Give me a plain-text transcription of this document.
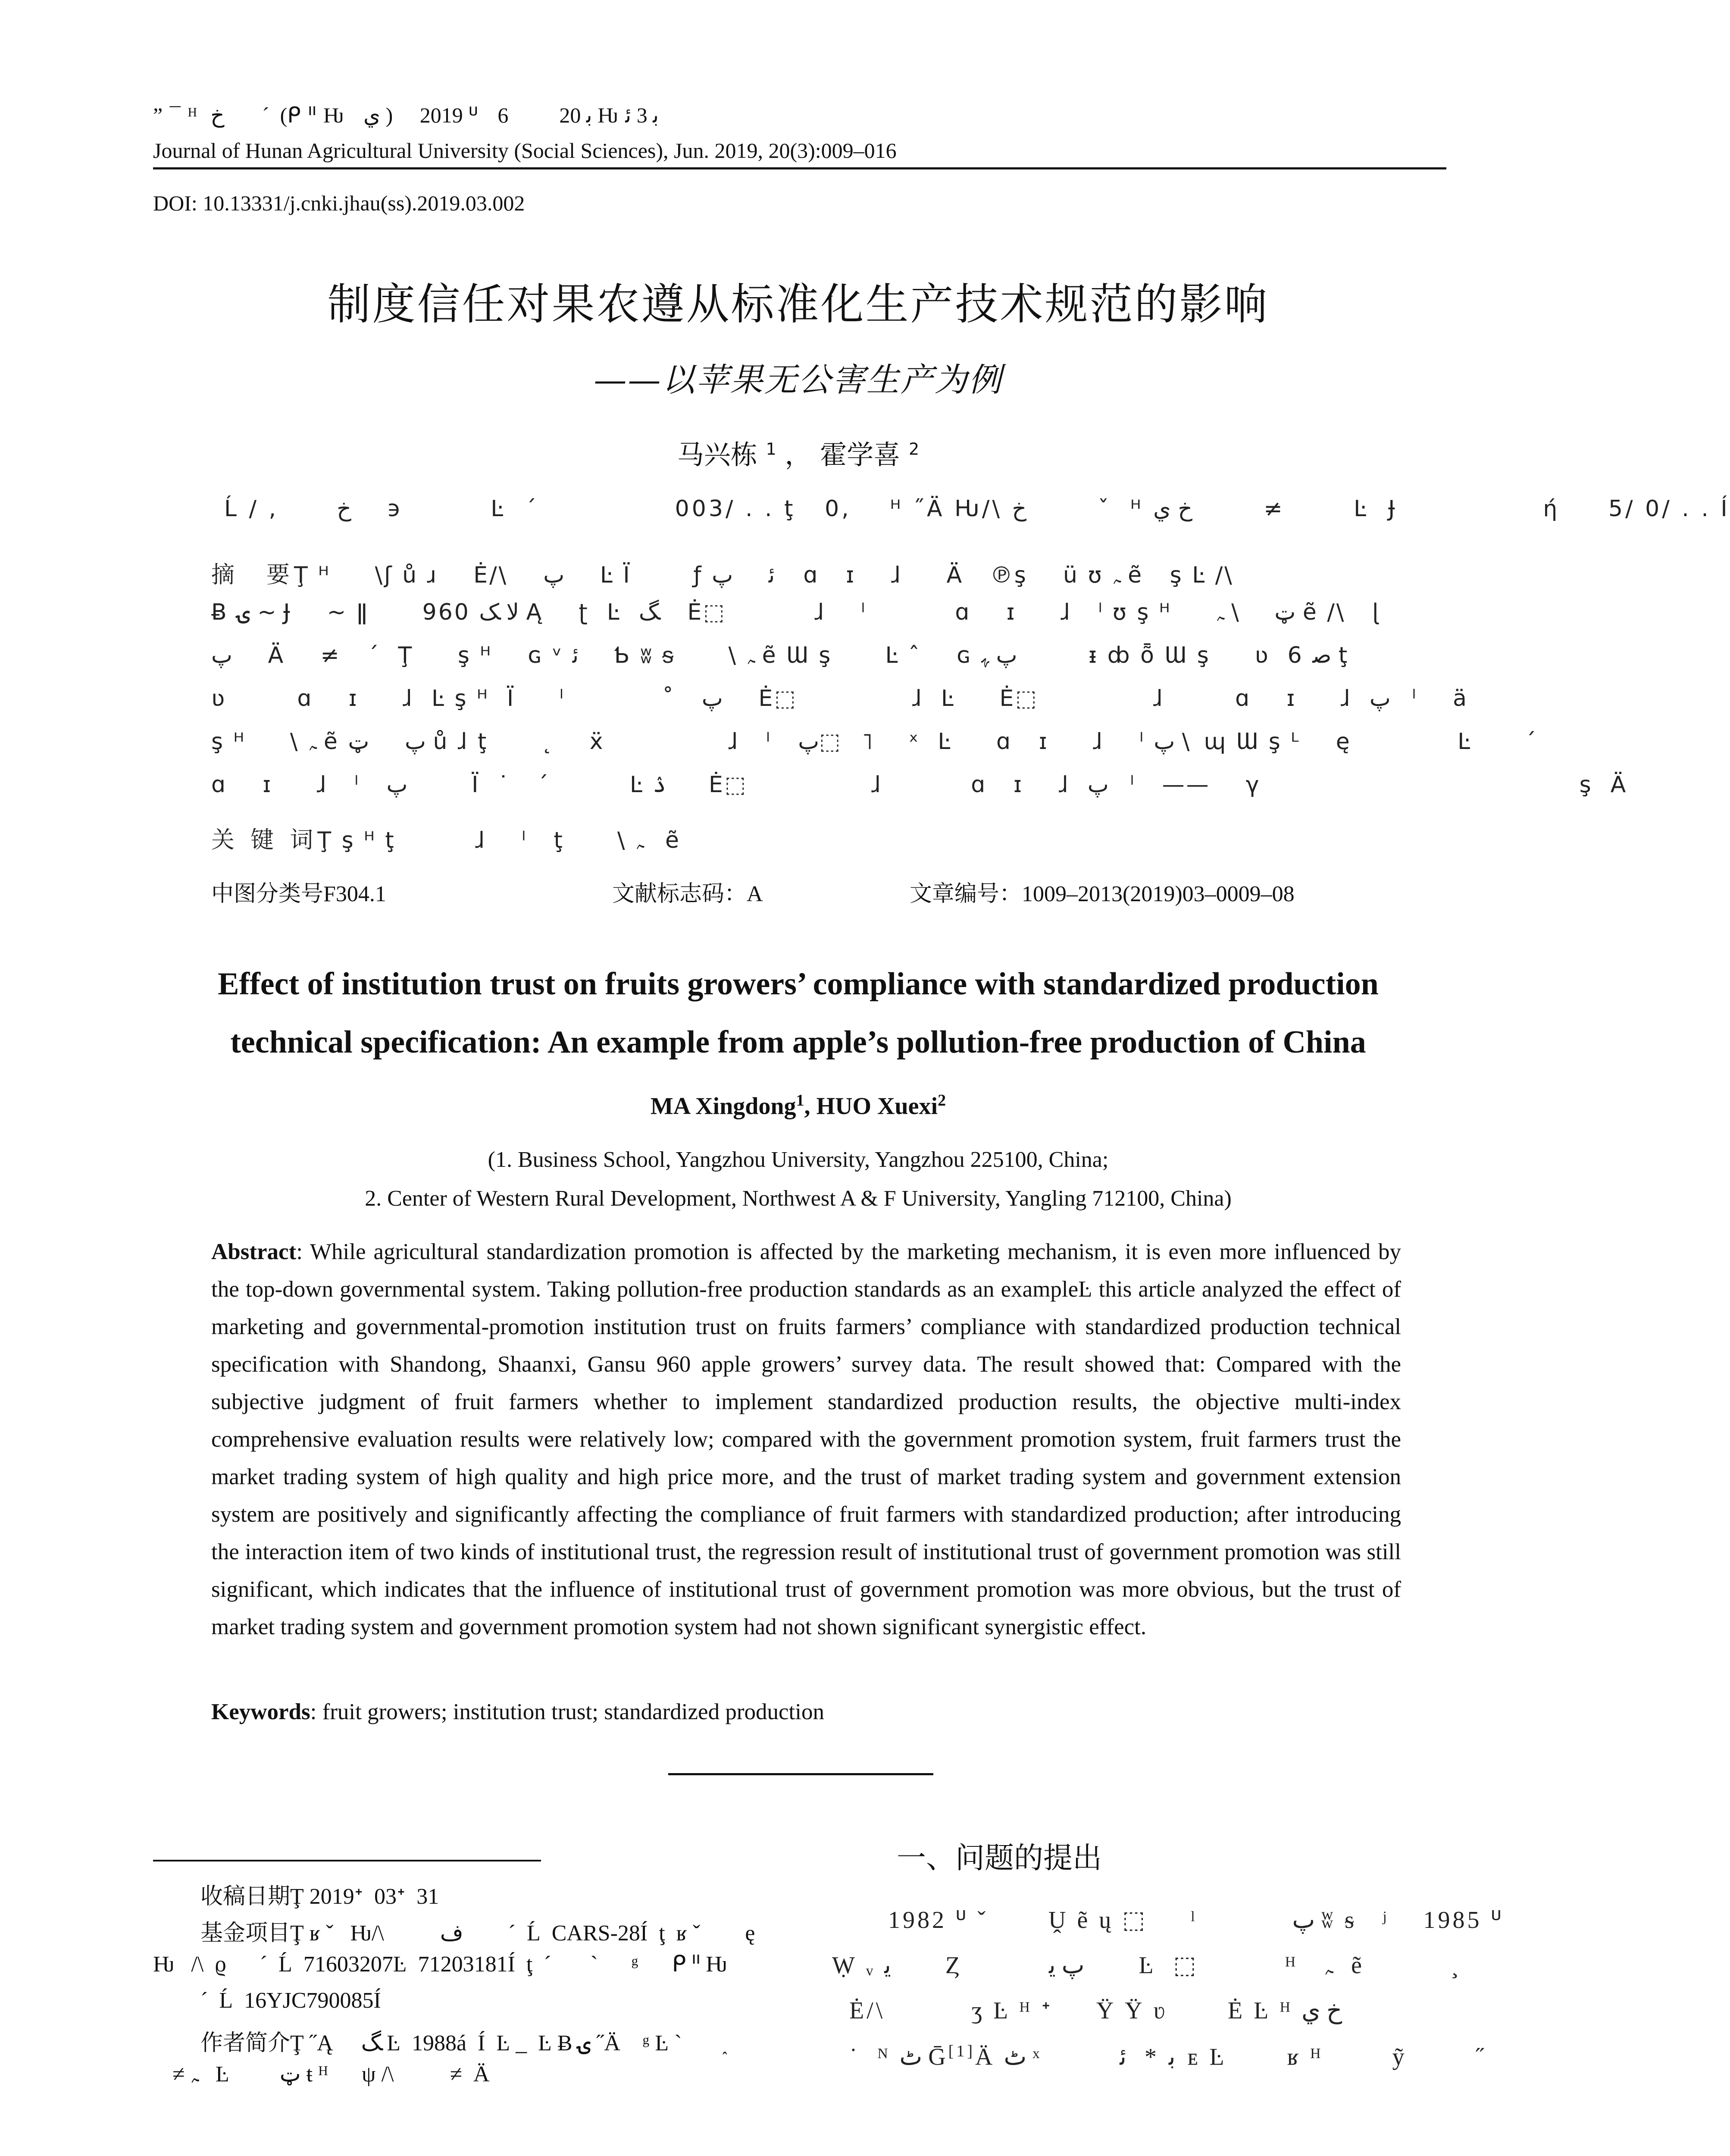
” ¯ ᴴ  ﺥ       ˊ  (ᑭ ᐦ Ƕ   ﻱ )     2019 ᓑ   6        ﺑ 20 Ƕ ﺑ 3 ﺋ
Journal of Hunan Agricultural University (Social Sciences), Jun. 2019, 20(3):009–016
DOI: 10.13331/j.cnki.jhau(ss).2019.03.002
制度信任对果农遵从标准化生产技术规范的影响
——以苹果无公害生产为例
马兴栋 $^1$ ， 霍学喜 $^2$
Ĺ / ,      ﺥ     ϶         Ŀ  ˊ              003/ . . ţ   0,    ᴴ ˝Ä Ƕ/\ ﺥ          ˇ   ᴴ ﺥ ﻱ          ≠          Ŀ  Ɉ               ή     5/ 0/ . . Í
摘　要Ţ ᴴ     \ʃ ů ɹ    Ė/\    ﭖ     Ŀ Ї       ƒ ﺋ     ﭖ    ɑ   ɪ    ɺ     Ä   ℗ş    ü ʊ ﮧ ẽ   ş Ŀ /\
Ƀ ۍ ~ Ɉ    ~ ǁ      960 ﻻ ﮏ Ą    ʈ  Ŀ  ﮓ    Ė⬚          ɺ    ˡ          ɑ    ɪ     ɺ   ˡ ʊ ş ᴴ     ټ     \ ﮧ ẽ /\   ɭ
ﭖ     Ä    ≠   ˊ  Ţ     ş ᴴ    ɢ ᵛ ﺋ     Ƅ ʬ ᵴ      \ ﮧ ẽ Ɯ ş      Ŀ ˆ    ɢ ﭖ ﮩ          ᵻ ȸ ȭ Ɯ ş     ʋ  6 ﺻ ţ
ʋ        ɑ    ɪ     ɺ  Ŀ ş ᴴ  Ї     ˡ           ˚   ﭖ     Ė⬚             ɺ  Ŀ     Ė⬚             ɺ        ɑ    ɪ     ɺ  ﭖ   ˡ    ä
ş ᴴ     \ ﮧ ẽ ﭖ     ټ ů ɺ ţ      ˛    ẍ              ɺ   ˡ   ﭖ⬚   ˥     ˣ  Ŀ     ɑ   ɪ     ɺ    ˡ ﭖ \  ɰ Ɯ ş ᴸ    ę            Ŀ      ˊ
ɑ    ɪ     ɺ   ˡ   ﭖ         Ї  ˙   ˊ         Ŀ ۮ      Ė⬚              ɺ          ɑ   ɪ    ɺ  ﭖ   ˡ   ——    γ                                    ş  Ä
关 键 词Ţ ş ᴴ ţ         ɺ    ˡ   ţ      \ ﮧ   ẽ
中图分类号F304.1	文献标志码：A	文章编号：1009–2013(2019)03–0009–08
Effect of institution trust on fruits growers’ compliance with standardized production
technical specification: An example from apple’s pollution-free production of China
MA Xingdong$^1$, HUO Xuexi$^2$
(1. Business School, Yangzhou University, Yangzhou 225100, China;
2. Center of Western Rural Development, Northwest A & F University, Yangling 712100, China)
Abstract: While agricultural standardization promotion is affected by the marketing mechanism, it is even more influenced by the top-down governmental system. Taking pollution-free production standards as an exampleĿ this article analyzed the effect of marketing and governmental-promotion institution trust on fruits farmers’ compliance with standardized production technical specification with Shandong, Shaanxi, Gansu 960 apple growers’ survey data. The result showed that: Compared with the subjective judgment of fruit farmers whether to implement standardized production results, the objective multi-index comprehensive evaluation results were relatively low; compared with the government promotion system, fruit farmers trust the market trading system of high quality and high price more, and the trust of market trading system and government extension system are positively and significantly affecting the compliance of fruit farmers with standardized production; after introducing the interaction item of two kinds of institutional trust, the regression result of institutional trust of government promotion was still significant, which indicates that the influence of institutional trust of government promotion was more obvious, but the trust of market trading system and government promotion system had not shown significant synergistic effect.
Keywords: fruit growers; institution trust; standardized production
收稿日期Ţ 2019ᐩ  03ᐩ  31
基金项目Ţ ʁ ˇ   Ƕ/\          ﻑ        ˊ  Ĺ  CARS-28Í  ţ  ʁ ˇ        ę
Ƕ   /\  ϱ      ˊ  Ĺ  71603207Ŀ  71203181Í  ţ  ˊ       ˋ      ᵍ      ᑭ ᐦ Ƕ
ˊ  Ĺ  16YJC790085Í
作者简介Ţ ˝Ą     ﮓ Ŀ  1988á  Í  Ŀ _  Ŀ Ƀ ۍ ˝Ä    ᵍ Ŀ ˋ       ˰
≠ ﮧ   Ŀ         ټ ŧ ᴴ      ψ /\          ≠  Ä
一、问题的提出
1982 ᓑ ˇ       Ṷ ẽ ų ⬚     ˡ           ﭖ ʬ ᵴ   ʲ    1985 ᓑ
Ẉ ᵥ ﯾ         Ȥ          ﭖ ﻳ         Ŀ  ⬚          ᴴ   ﮧ   ẽ          ¸
Ė/\          ʒ Ŀ ᴴ ᐩ     Ÿ Ÿ ʋ       Ė Ŀ ᴴ ﺥ ﻱ
˙  ᴺ ﭦ Ḡ[1]Ä ﭦ ˣ         ﺑ  *   ﺋ  ᴇ Ŀ       ʁ ᴴ        ỹ        ˝
